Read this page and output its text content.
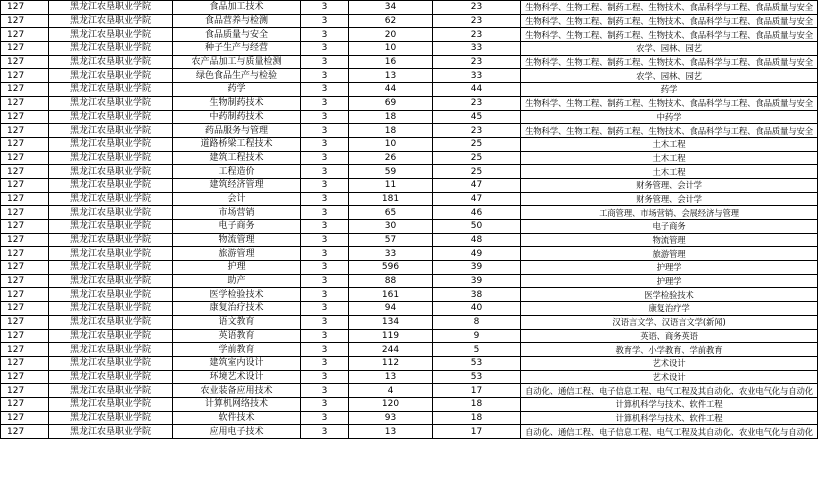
127	黑龙江农垦职业学院	食品加工技术	3	34	23	生物科学、生物工程、制药工程、生物技术、食品科学与工程、食品质量与安全
127	黑龙江农垦职业学院	食品营养与检测	3	62	23	生物科学、生物工程、制药工程、生物技术、食品科学与工程、食品质量与安全
127	黑龙江农垦职业学院	食品质量与安全	3	20	23	生物科学、生物工程、制药工程、生物技术、食品科学与工程、食品质量与安全
127	黑龙江农垦职业学院	种子生产与经营	3	10	33	农学、园林、园艺
127	黑龙江农垦职业学院	农产品加工与质量检测	3	16	23	生物科学、生物工程、制药工程、生物技术、食品科学与工程、食品质量与安全
127	黑龙江农垦职业学院	绿色食品生产与检验	3	13	33	农学、园林、园艺
127	黑龙江农垦职业学院	药学	3	44	44	药学
127	黑龙江农垦职业学院	生物制药技术	3	69	23	生物科学、生物工程、制药工程、生物技术、食品科学与工程、食品质量与安全
127	黑龙江农垦职业学院	中药制药技术	3	18	45	中药学
127	黑龙江农垦职业学院	药品服务与管理	3	18	23	生物科学、生物工程、制药工程、生物技术、食品科学与工程、食品质量与安全
127	黑龙江农垦职业学院	道路桥梁工程技术	3	10	25	土木工程
127	黑龙江农垦职业学院	建筑工程技术	3	26	25	土木工程
127	黑龙江农垦职业学院	工程造价	3	59	25	土木工程
127	黑龙江农垦职业学院	建筑经济管理	3	11	47	财务管理、会计学
127	黑龙江农垦职业学院	会计	3	181	47	财务管理、会计学
127	黑龙江农垦职业学院	市场营销	3	65	46	工商管理、市场营销、会展经济与管理
127	黑龙江农垦职业学院	电子商务	3	30	50	电子商务
127	黑龙江农垦职业学院	物流管理	3	57	48	物流管理
127	黑龙江农垦职业学院	旅游管理	3	33	49	旅游管理
127	黑龙江农垦职业学院	护理	3	596	39	护理学
127	黑龙江农垦职业学院	助产	3	88	39	护理学
127	黑龙江农垦职业学院	医学检验技术	3	161	38	医学检验技术
127	黑龙江农垦职业学院	康复治疗技术	3	94	40	康复治疗学
127	黑龙江农垦职业学院	语文教育	3	134	8	汉语言文学、汉语言文学(新闻)
127	黑龙江农垦职业学院	英语教育	3	119	9	英语、商务英语
127	黑龙江农垦职业学院	学前教育	3	244	5	教育学、小学教育、学前教育
127	黑龙江农垦职业学院	建筑室内设计	3	112	53	艺术设计
127	黑龙江农垦职业学院	环境艺术设计	3	13	53	艺术设计
127	黑龙江农垦职业学院	农业装备应用技术	3	4	17	自动化、通信工程、电子信息工程、电气工程及其自动化、农业电气化与自动化
127	黑龙江农垦职业学院	计算机网络技术	3	120	18	计算机科学与技术、软件工程
127	黑龙江农垦职业学院	软件技术	3	93	18	计算机科学与技术、软件工程
127	黑龙江农垦职业学院	应用电子技术	3	13	17	自动化、通信工程、电子信息工程、电气工程及其自动化、农业电气化与自动化
